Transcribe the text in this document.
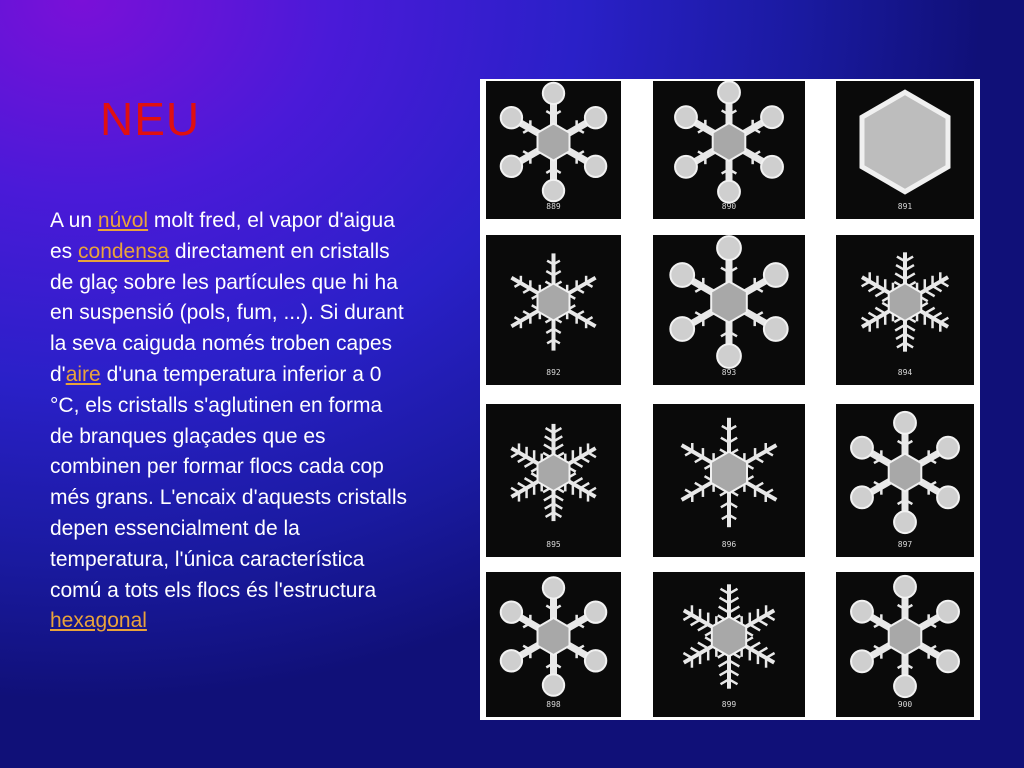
NEU
A un núvol molt fred, el vapor d'aigua es condensa directament en cristalls de glaç sobre les partícules que hi ha en suspensió (pols, fum, ...). Si durant la seva caiguda només troben capes d'aire d'una temperatura inferior a 0 °C, els cristalls s'aglutinen en forma de branques glaçades que es combinen per formar flocs cada cop més grans. L'encaix d'aquests cristalls depen essencialment de la temperatura, l'única característica comú a tots els flocs és l'estructura hexagonal
889	890	891
892	893	894
895	896	897
898	899	900
